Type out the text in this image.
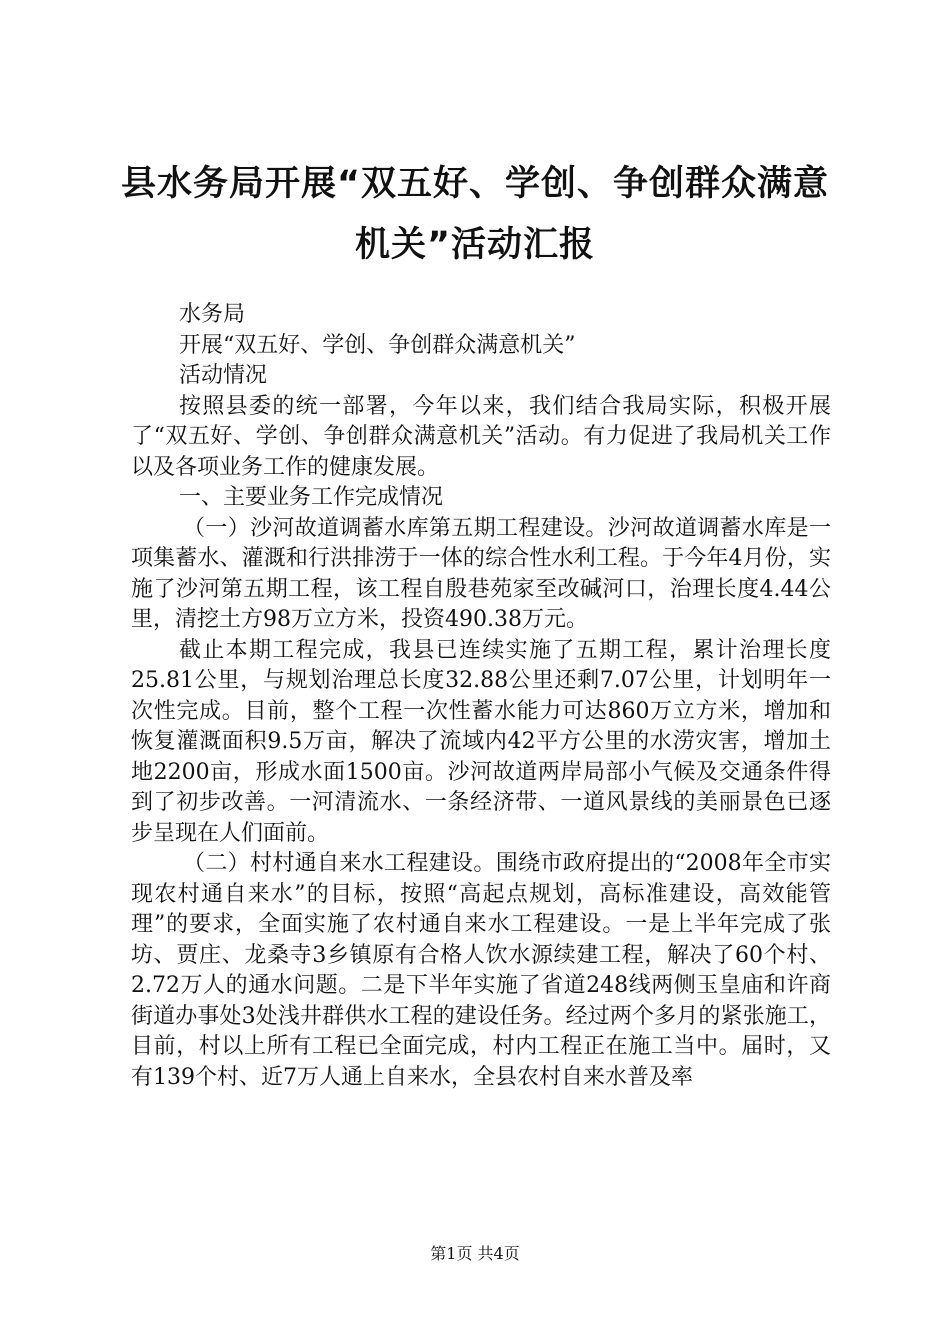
县水务局开展“双五好、学创、争创群众满意
机关”活动汇报

水务局

开展“双五好、学创、争创群众满意机关”

活动情况

按照县委的统一部署，今年以来，我们结合我局实际，积极开展了“双五好、学创、争创群众满意机关”活动。有力促进了我局机关工作以及各项业务工作的健康发展。

一、主要业务工作完成情况

（一）沙河故道调蓄水库第五期工程建设。沙河故道调蓄水库是一项集蓄水、灌溉和行洪排涝于一体的综合性水利工程。于今年4月份，实施了沙河第五期工程，该工程自殷巷苑家至改碱河口，治理长度4.44公里，清挖土方98万立方米，投资490.38万元。

截止本期工程完成，我县已连续实施了五期工程，累计治理长度25.81公里，与规划治理总长度32.88公里还剩7.07公里，计划明年一次性完成。目前，整个工程一次性蓄水能力可达860万立方米，增加和恢复灌溉面积9.5万亩，解决了流域内42平方公里的水涝灾害，增加土地2200亩，形成水面1500亩。沙河故道两岸局部小气候及交通条件得到了初步改善。一河清流水、一条经济带、一道风景线的美丽景色已逐步呈现在人们面前。

（二）村村通自来水工程建设。围绕市政府提出的“2008年全市实现农村通自来水”的目标，按照“高起点规划，高标准建设，高效能管理”的要求，全面实施了农村通自来水工程建设。一是上半年完成了张坊、贾庄、龙桑寺3乡镇原有合格人饮水源续建工程，解决了60个村、2.72万人的通水问题。二是下半年实施了省道248线两侧玉皇庙和许商街道办事处3处浅井群供水工程的建设任务。经过两个多月的紧张施工，目前，村以上所有工程已全面完成，村内工程正在施工当中。届时，又有139个村、近7万人通上自来水，全县农村自来水普及率

第1页 共4页
